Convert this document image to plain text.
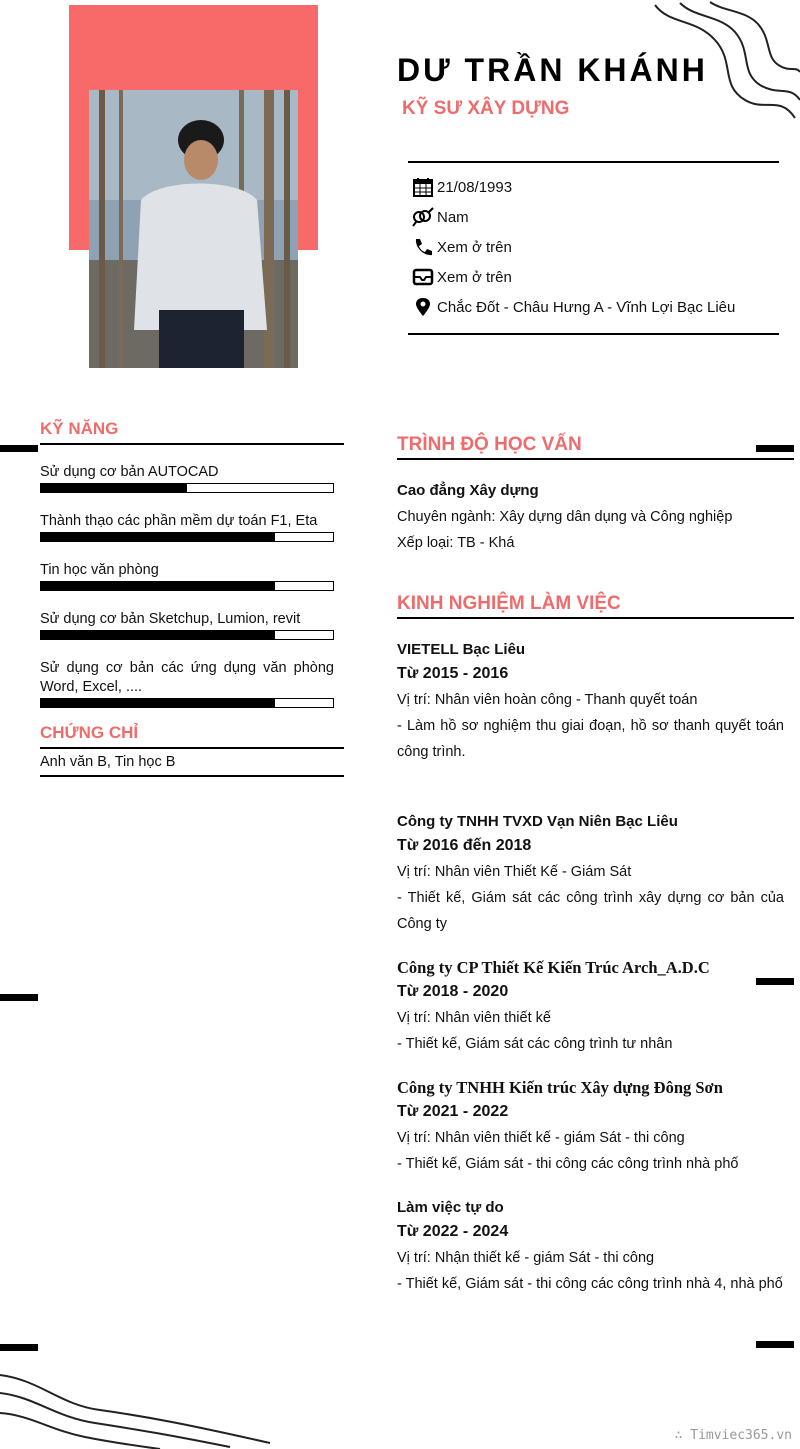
DƯ TRẦN KHÁNH
KỸ SƯ XÂY DỰNG
21/08/1993
Nam
Xem ở trên
Xem ở trên
Chắc Đốt - Châu Hưng A - Vĩnh Lợi Bạc Liêu
KỸ NĂNG
Sử dụng cơ bản AUTOCAD
Thành thạo các phần mềm dự toán F1, Eta
Tin học văn phòng
Sử dụng cơ bản Sketchup, Lumion, revit
Sử dụng cơ bản các ứng dụng văn phòng Word, Excel, ....
CHỨNG CHỈ
Anh văn B, Tin học B
TRÌNH ĐỘ HỌC VẤN
Cao đẳng Xây dựng
Chuyên ngành: Xây dựng dân dụng và Công nghiệp
Xếp loại: TB - Khá
KINH NGHIỆM LÀM VIỆC
VIETELL Bạc Liêu
Từ 2015 - 2016
Vị trí: Nhân viên hoàn công - Thanh quyết toán
- Làm hồ sơ nghiệm thu giai đoạn, hồ sơ thanh quyết toán công trình.
Công ty TNHH TVXD Vạn Niên Bạc Liêu
Từ 2016 đến 2018
Vị trí: Nhân viên Thiết Kế - Giám Sát
- Thiết kế, Giám sát các công trình xây dựng cơ bản của Công ty
Công ty CP Thiết Kế Kiến Trúc Arch_A.D.C
Từ 2018 - 2020
Vị trí: Nhân viên thiết kế
- Thiết kế, Giám sát các công trình tư nhân
Công ty TNHH Kiến trúc Xây dựng Đông Sơn
Từ 2021 - 2022
Vị trí: Nhân viên thiết kế - giám Sát - thi công
- Thiết kế, Giám sát - thi công các công trình nhà phố
Làm việc tự do
Từ 2022 - 2024
Vị trí: Nhận thiết kế - giám Sát - thi công
- Thiết kế, Giám sát - thi công các công trình nhà 4, nhà phố
∴ Timviec365.vn
